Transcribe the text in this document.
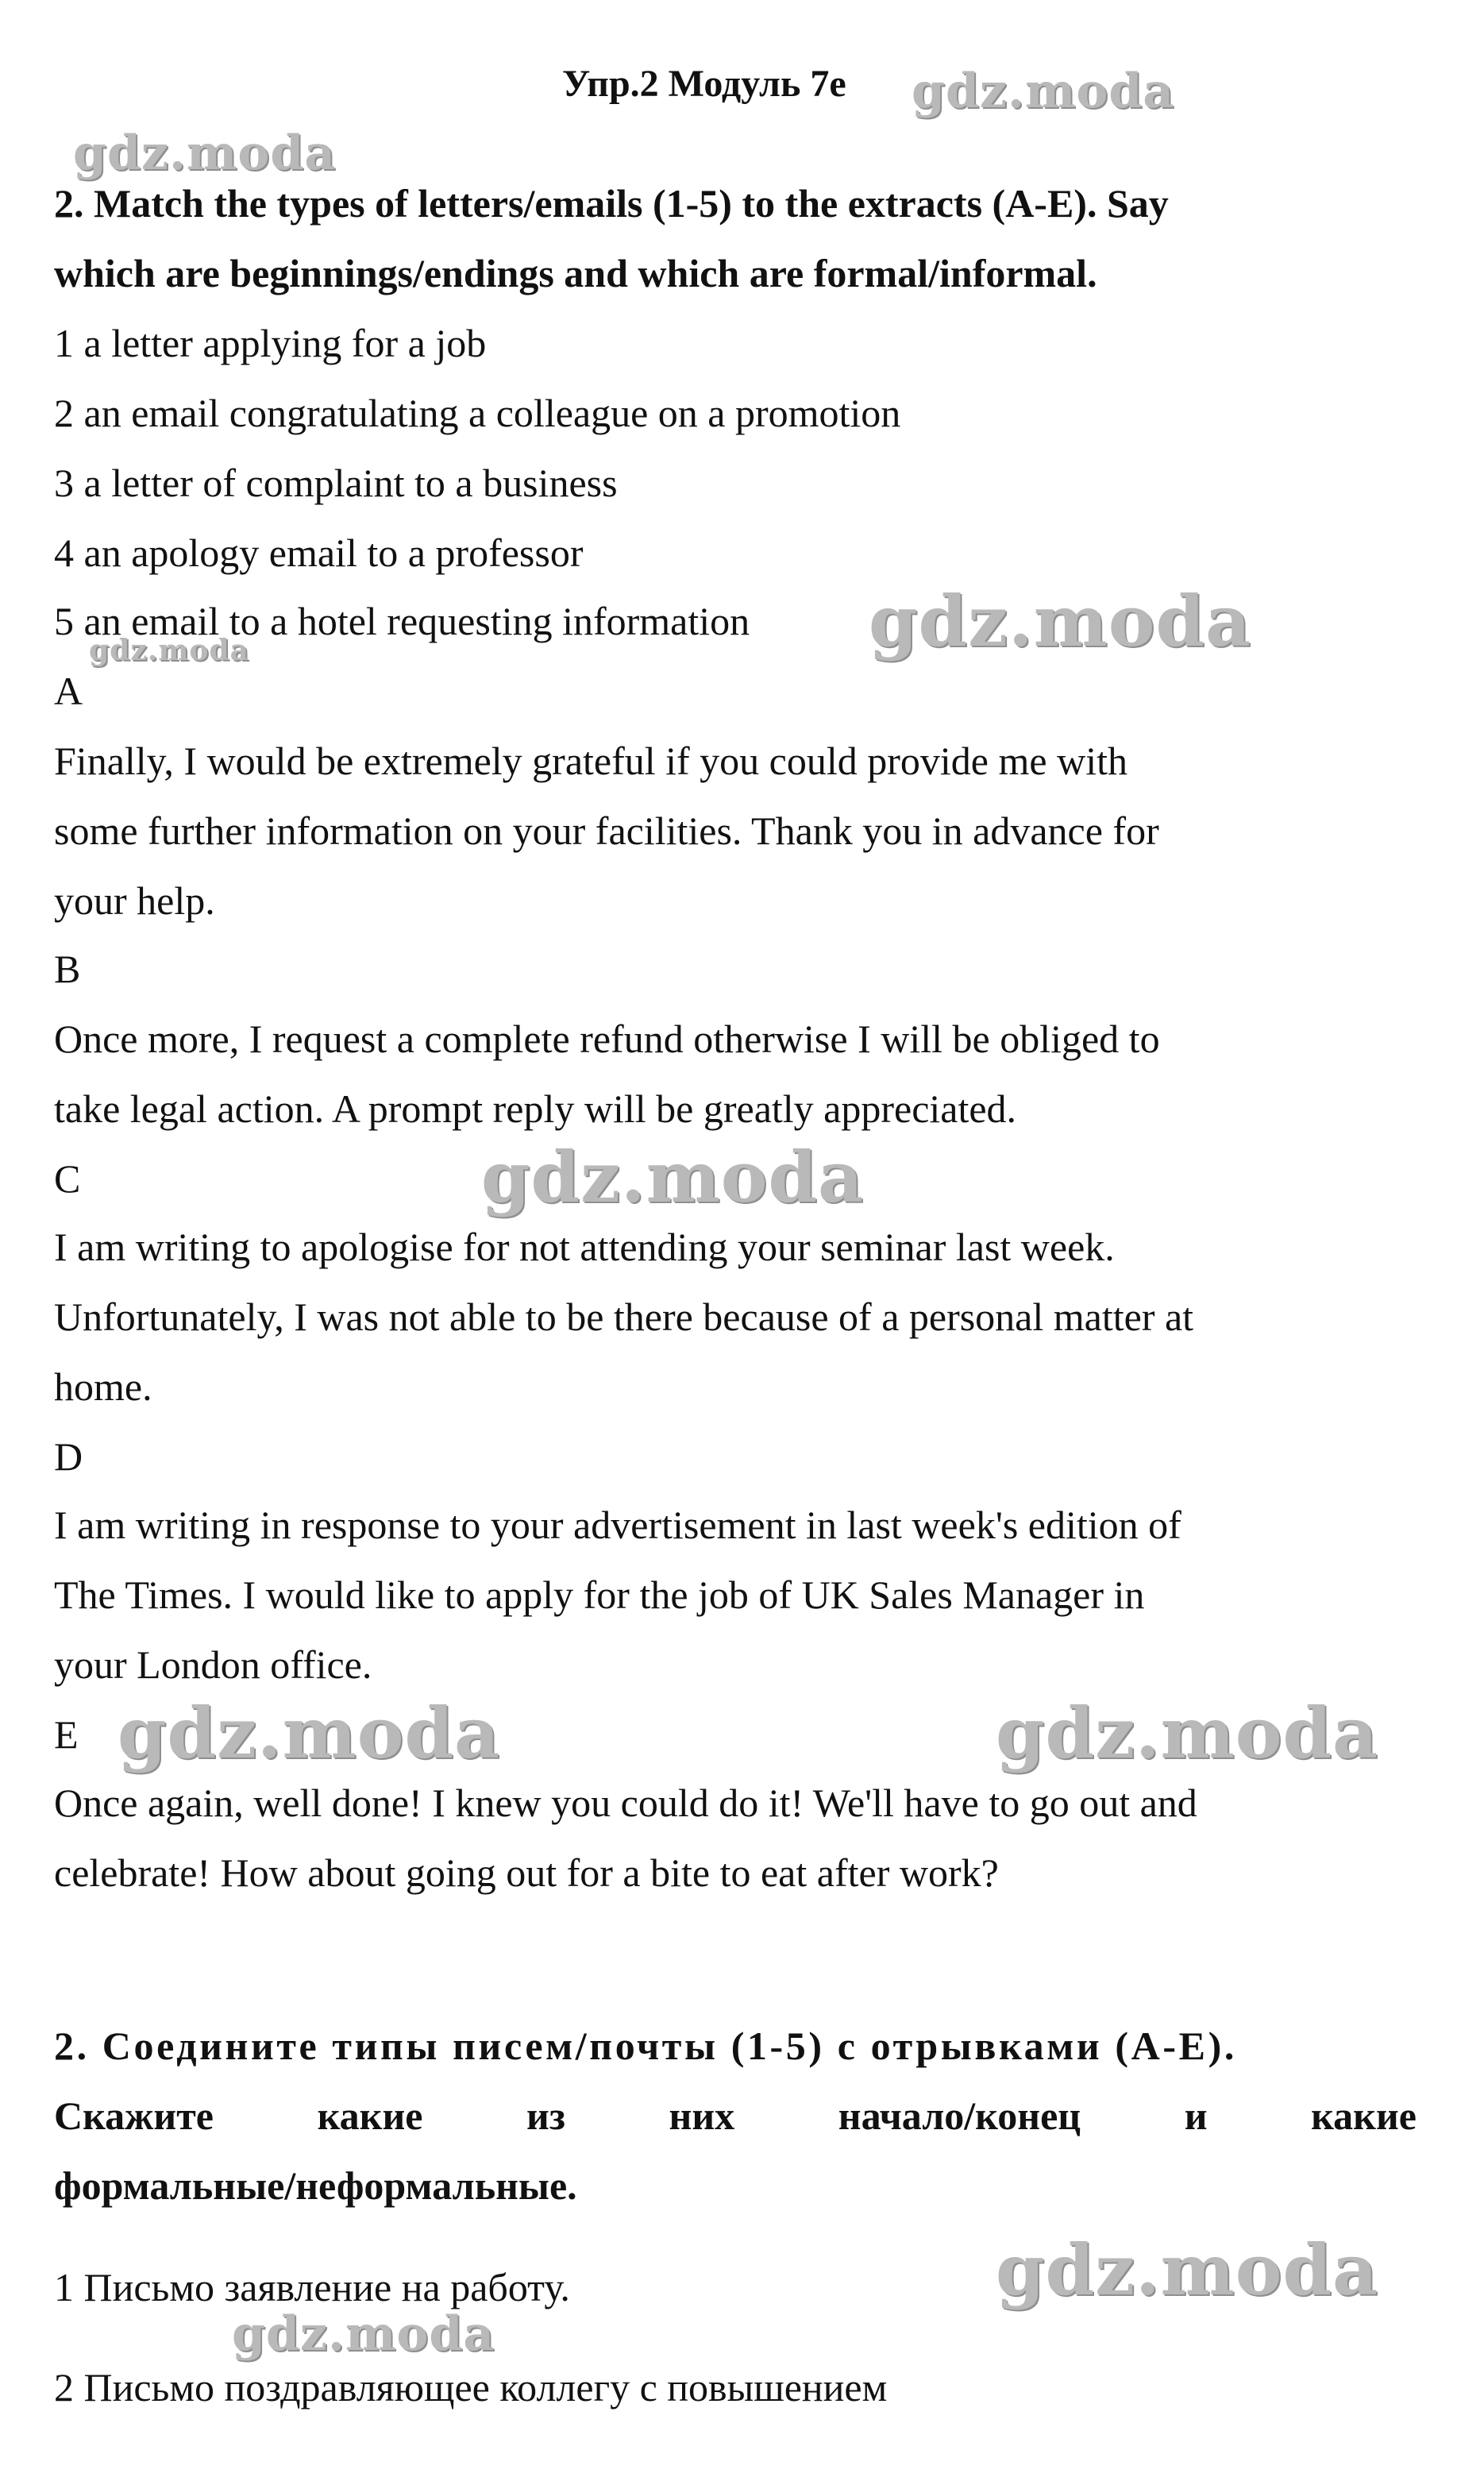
Упр.2 Модуль 7e
2. Match the types of letters/emails (1-5) to the extracts (A-E). Say
which are beginnings/endings and which are formal/informal.
1 a letter applying for a job
2 an email congratulating a colleague on a promotion
3 a letter of complaint to a business
4 an apology email to a professor
5 an email to a hotel requesting information
A
Finally, I would be extremely grateful if you could provide me with
some further information on your facilities. Thank you in advance for
your help.
B
Once more, I request a complete refund otherwise I will be obliged to
take legal action. A prompt reply will be greatly appreciated.
C
I am writing to apologise for not attending your seminar last week.
Unfortunately, I was not able to be there because of a personal matter at
home.
D
I am writing in response to your advertisement in last week's edition of
The Times. I would like to apply for the job of UK Sales Manager in
your London office.
E
Once again, well done! I knew you could do it! We'll have to go out and
celebrate! How about going out for a bite to eat after work?
2. Соедините типы писем/почты (1-5) с отрывками (A-E).
Скажите	какие	из	них	начало/конец	и	какие
формальные/неформальные.
1 Письмо заявление на работу.
2 Письмо поздравляющее коллегу с повышением
gdz.moda
gdz.moda
gdz.moda
gdz.moda
gdz.moda
gdz.moda	gdz.moda
gdz.moda
gdz.moda
